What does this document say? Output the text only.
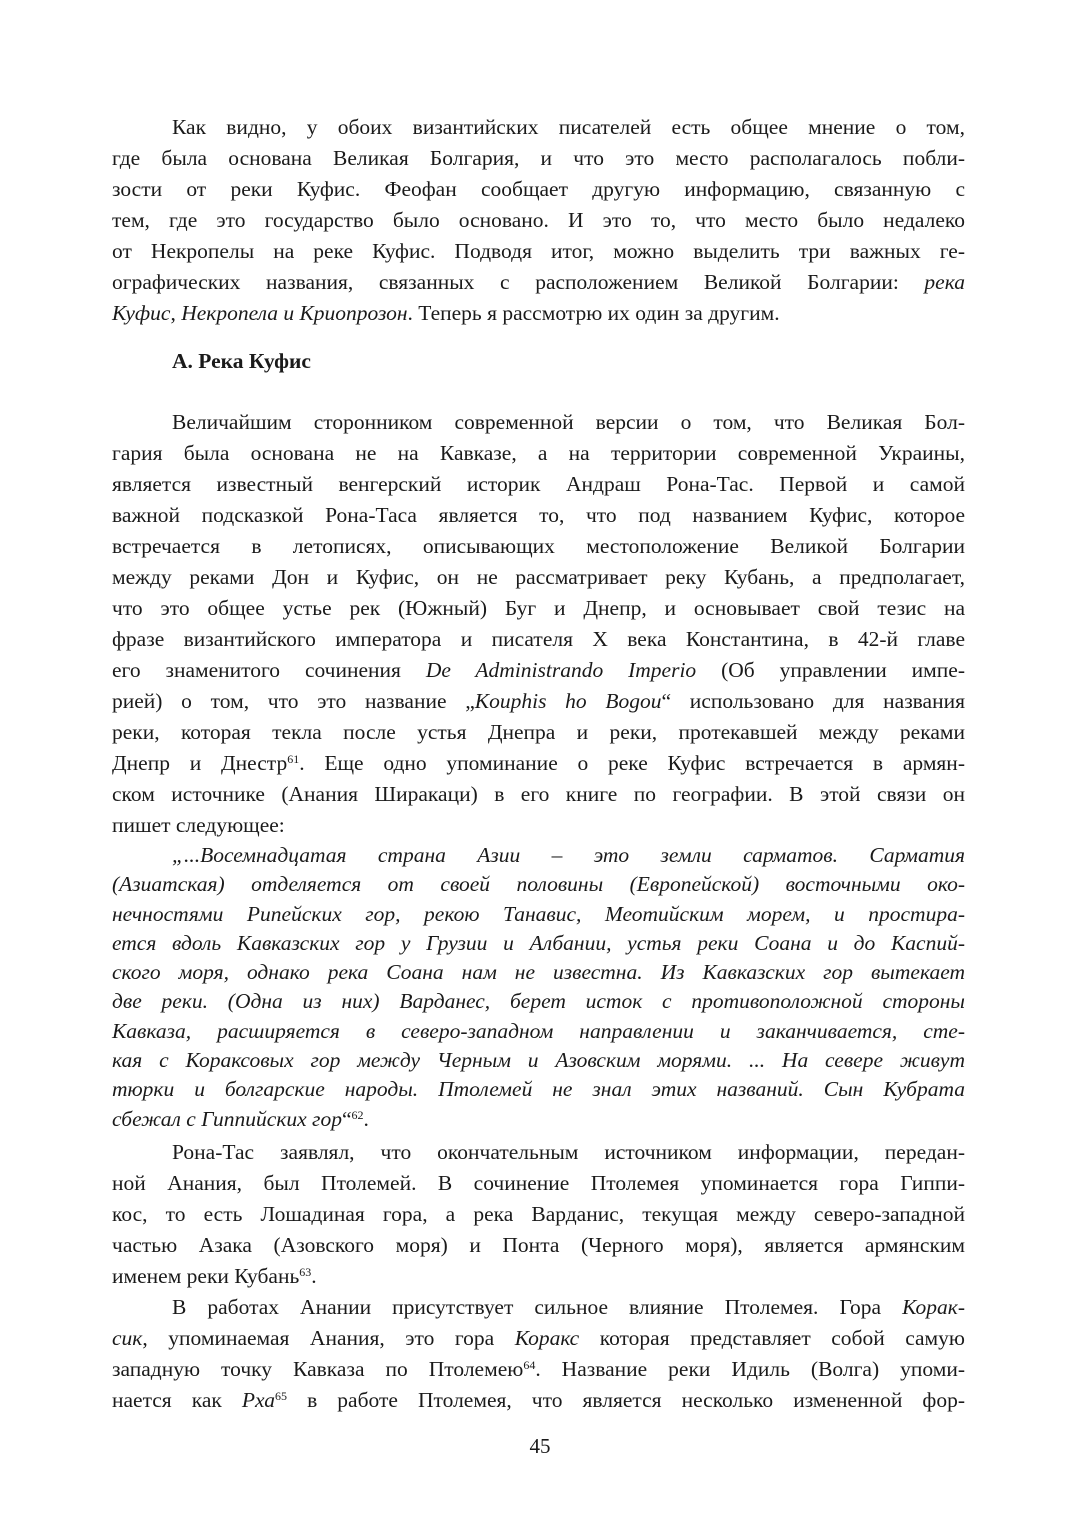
Как видно, у обоих византийских писателей есть общее мнение о том,
где была основана Великая Болгария, и что это место располагалось побли-
зости от реки Куфис. Феофан сообщает другую информацию, связанную с
тем, где это государство было основано. И это то, что место было недалеко
от Некропелы на реке Куфис. Подводя итог, можно выделить три важных ге-
ографических названия, связанных с расположением Великой Болгарии: река
Куфис, Некропела и Криопрозон. Теперь я рассмотрю их один за другим.
А. Река Куфис
Величайшим сторонником современной версии о том, что Великая Бол-
гария была основана не на Кавказе, а на территории современной Украины,
является известный венгерский историк Андраш Рона-Тас. Первой и самой
важной подсказкой Рона-Таса является то, что под названием Куфис, которое
встречается в летописях, описывающих местоположение Великой Болгарии
между реками Дон и Куфис, он не рассматривает реку Кубань, а предполагает,
что это общее устье рек (Южный) Буг и Днепр, и основывает свой тезис на
фразе византийского императора и писателя X века Константина, в 42-й главе
его знаменитого сочинения De Administrando Imperio (Об управлении импе-
рией) о том, что это название „Kouphis ho Bogou“ использовано для названия
реки, которая текла после устья Днепра и реки, протекавшей между реками
Днепр и Днестр$^{61}$. Еще одно упоминание о реке Куфис встречается в армян-
ском источнике (Анания Ширакаци) в его книге по географии. В этой связи он
пишет следующее:
„...Восемнадцатая страна Азии – это земли сарматов. Сарматия
(Азиатская) отделяется от своей половины (Европейской) восточными око-
нечностями Рипейских гор, рекою Танавис, Меотийским морем, и простира-
ется вдоль Кавказских гор у Грузии и Албании, устья реки Соана и до Каспий-
ского моря, однако река Соана нам не известна. Из Кавказских гор вытекает
две реки. (Одна из них) Варданес, берет исток с противоположной стороны
Кавказа, расширяется в северо-западном направлении и заканчивается, сте-
кая с Кораксовых гор между Черным и Азовским морями. ... На севере живут
тюрки и болгарские народы. Птолемей не знал этих названий. Сын Кубрата
сбежал с Гиппийских гор“$^{62}$.
Рона-Тас заявлял, что окончательным источником информации, передан-
ной Анания, был Птолемей. В сочинение Птолемея упоминается гора Гиппи-
кос, то есть Лошадиная гора, а река Варданис, текущая между северо-западной
частью Азака (Азовского моря) и Понта (Черного моря), является армянским
именем реки Кубань$^{63}$.
В работах Анании присутствует сильное влияние Птолемея. Гора Корак-
сик, упоминаемая Анания, это гора Коракс которая представляет собой самую
западную точку Кавказа по Птолемею$^{64}$. Название реки Идиль (Волга) упоми-
нается как Рха$^{65}$ в работе Птолемея, что является несколько измененной фор-
45
